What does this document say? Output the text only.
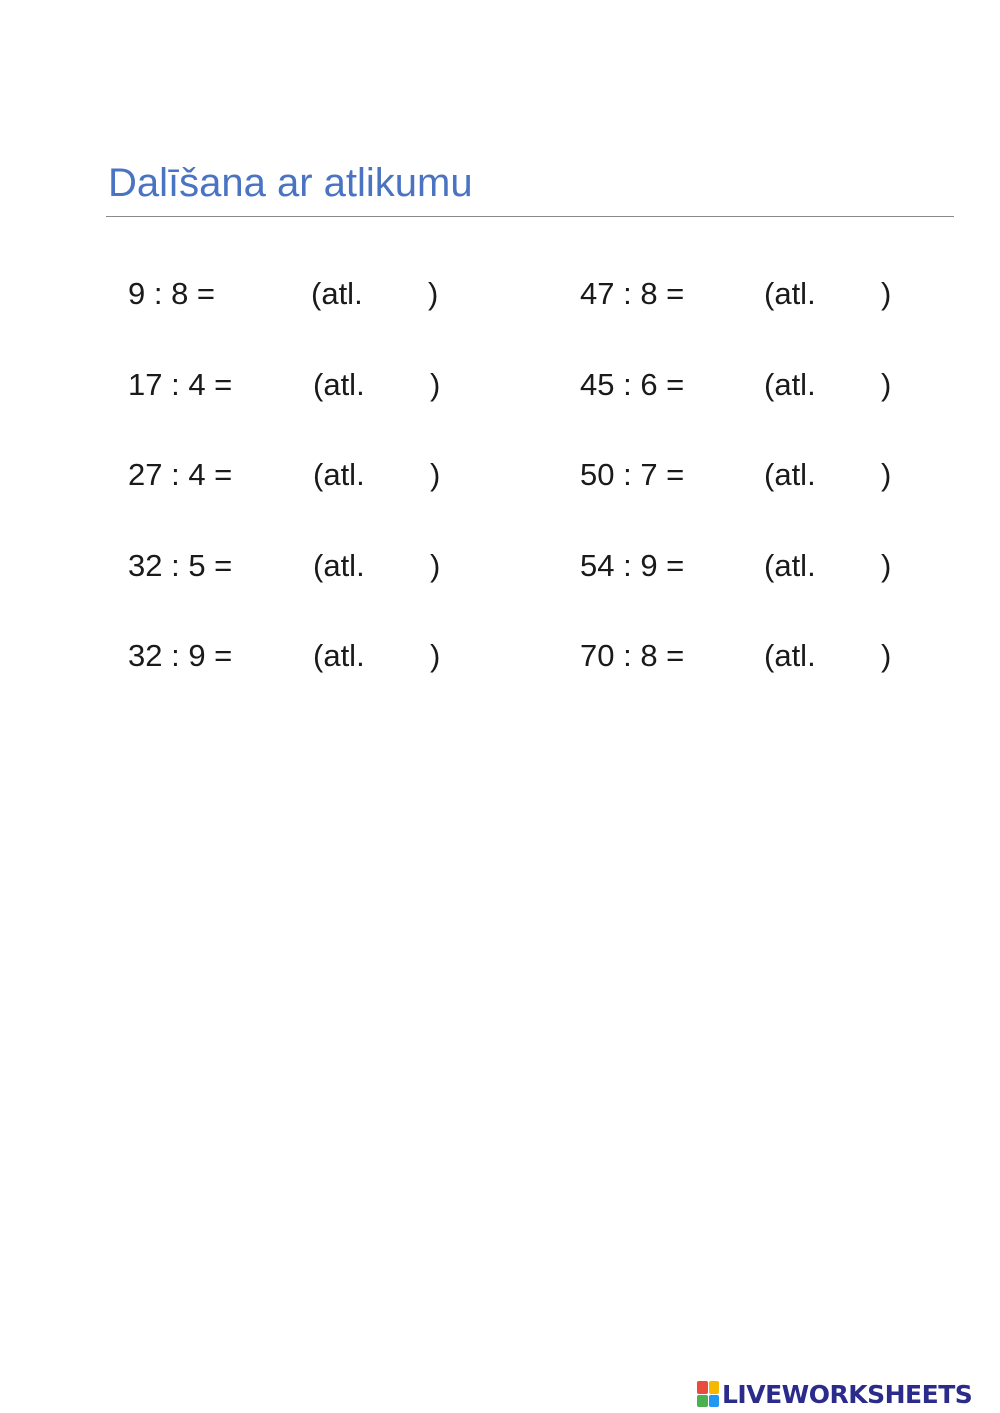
Dalīšana ar atlikumu
9 : 8 =	(atl. )
17 : 4 =	(atl. )
27 : 4 =	(atl. )
32 : 5 =	(atl. )
32 : 9 =	(atl. )
47 : 8 =	(atl. )
45 : 6 =	(atl. )
50 : 7 =	(atl. )
54 : 9 =	(atl. )
70 : 8 =	(atl. )
LIVEWORKSHEETS
